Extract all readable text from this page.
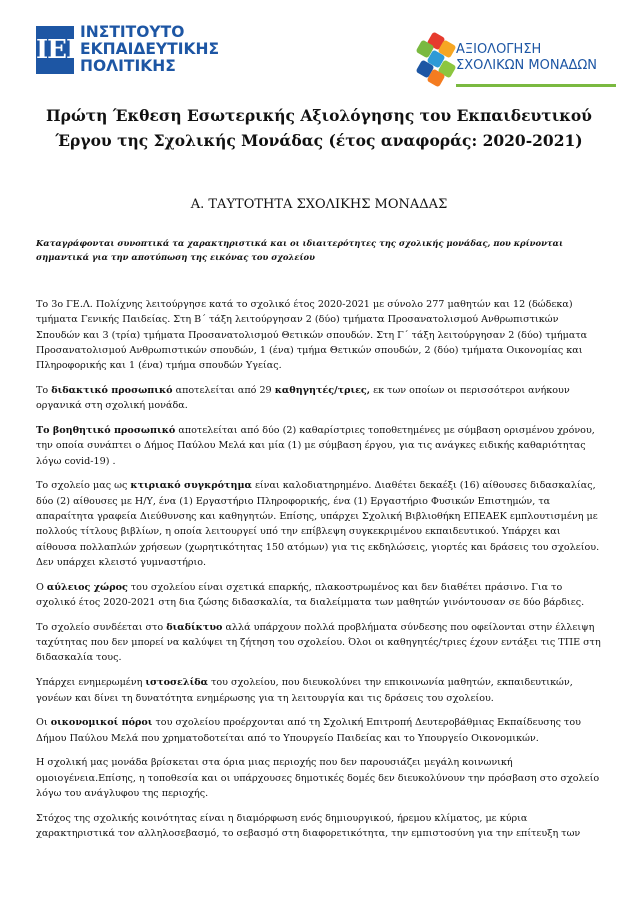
ΙΕΠ
ΙΝΣΤΙΤΟΥΤΟ
ΕΚΠΑΙΔΕΥΤΙΚΗΣ
ΠΟΛΙΤΙΚΗΣ
ΑΞΙΟΛΟΓΗΣΗ
ΣΧΟΛΙΚΩΝ ΜΟΝΑΔΩΝ
Πρώτη Έκθεση Εσωτερικής Αξιολόγησης του Εκπαιδευτικού
Έργου της Σχολικής Μονάδας (έτος αναφοράς: 2020-2021)
Α. ΤΑΥΤΟΤΗΤΑ ΣΧΟΛΙΚΗΣ ΜΟΝΑΔΑΣ
Καταγράφονται συνοπτικά τα χαρακτηριστικά και οι ιδιαιτερότητες της σχολικής μονάδας, που κρίνονται σημαντικά για την αποτύπωση της εικόνας του σχολείου

Το 3ο ΓΕ.Λ. Πολίχνης λειτούργησε κατά το σχολικό έτος 2020-2021 με σύνολο 277 μαθητών και 12 (δώδεκα) τμήματα Γενικής Παιδείας. Στη Β΄ τάξη λειτούργησαν 2 (δύο) τμήματα Προσανατολισμού Ανθρωπιστικών Σπουδών και 3 (τρία) τμήματα Προσανατολισμού Θετικών σπουδών. Στη Γ΄ τάξη λειτούργησαν 2 (δύο) τμήματα Προσανατολισμού Ανθρωπιστικών σπουδών, 1 (ένα) τμήμα Θετικών σπουδών, 2 (δύο) τμήματα Οικονομίας και Πληροφορικής και 1 (ένα) τμήμα σπουδών Υγείας.

Το διδακτικό προσωπικό αποτελείται από 29 καθηγητές/τριες, εκ των οποίων οι περισσότεροι ανήκουν οργανικά στη σχολική μονάδα.

Το βοηθητικό προσωπικό αποτελείται από δύο (2) καθαρίστριες τοποθετημένες με σύμβαση ορισμένου χρόνου, την οποία συνάπτει ο Δήμος Παύλου Μελά και μία (1) με σύμβαση έργου, για τις ανάγκες ειδικής καθαριότητας λόγω covid-19) .

Το σχολείο μας ως κτιριακό συγκρότημα είναι καλοδιατηρημένο. Διαθέτει δεκαέξι (16) αίθουσες διδασκαλίας, δύο (2) αίθουσες με Η/Υ, ένα (1) Εργαστήριο Πληροφορικής, ένα (1) Εργαστήριο Φυσικών Επιστημών, τα απαραίτητα γραφεία Διεύθυνσης και καθηγητών. Επίσης, υπάρχει Σχολική Βιβλιοθήκη ΕΠΕΑΕΚ εμπλουτισμένη με πολλούς τίτλους βιβλίων, η οποία λειτουργεί υπό την επίβλεψη συγκεκριμένου εκπαιδευτικού. Υπάρχει και αίθουσα πολλαπλών χρήσεων (χωρητικότητας 150 ατόμων) για τις εκδηλώσεις, γιορτές και δράσεις του σχολείου. Δεν υπάρχει κλειστό γυμναστήριο.

Ο αύλειος χώρος του σχολείου είναι σχετικά επαρκής, πλακοστρωμένος και δεν διαθέτει πράσινο. Για το σχολικό έτος 2020-2021 στη δια ζώσης διδασκαλία, τα διαλείμματα των μαθητών γινόντουσαν σε δύο βάρδιες.

Το σχολείο συνδέεται στο διαδίκτυο αλλά υπάρχουν πολλά προβλήματα σύνδεσης που οφείλονται στην έλλειψη ταχύτητας που δεν μπορεί να καλύψει τη ζήτηση του σχολείου. Όλοι οι καθηγητές/τριες έχουν εντάξει τις ΤΠΕ στη διδασκαλία τους.

Υπάρχει ενημερωμένη ιστοσελίδα του σχολείου, που διευκολύνει την επικοινωνία μαθητών, εκπαιδευτικών, γονέων και δίνει τη δυνατότητα ενημέρωσης για τη λειτουργία και τις δράσεις του σχολείου.

Οι οικονομικοί πόροι του σχολείου προέρχονται από τη Σχολική Επιτροπή Δευτεροβάθμιας Εκπαίδευσης του Δήμου Παύλου Μελά που χρηματοδοτείται από το Υπουργείο Παιδείας και το Υπουργείο Οικονομικών.

Η σχολική μας μονάδα βρίσκεται στα όρια μιας περιοχής που δεν παρουσιάζει μεγάλη κοινωνική ομοιογένεια.Επίσης, η τοποθεσία και οι υπάρχουσες δημοτικές δομές δεν διευκολύνουν την πρόσβαση στο σχολείο λόγω του ανάγλυφου της περιοχής.

Στόχος της σχολικής κοινότητας είναι η διαμόρφωση ενός δημιουργικού, ήρεμου κλίματος, με κύρια χαρακτηριστικά τον αλληλοσεβασμό, το σεβασμό στη διαφορετικότητα, την εμπιστοσύνη για την επίτευξη των
